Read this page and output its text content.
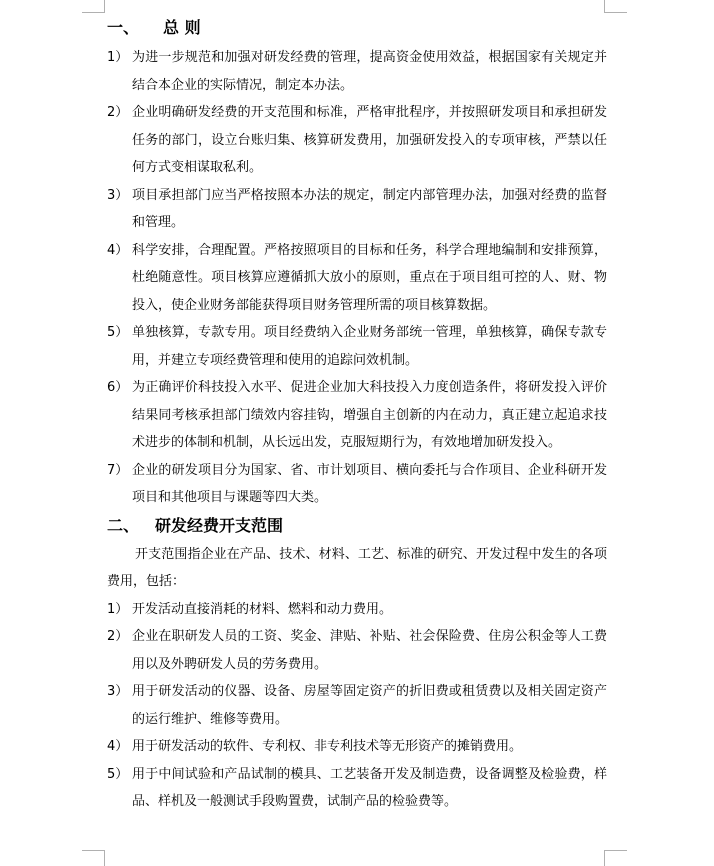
一、 总 则

1） 为进一步规范和加强对研发经费的管理，提高资金使用效益，根据国家有关规定并结合本企业的实际情况，制定本办法。

2） 企业明确研发经费的开支范围和标准，严格审批程序，并按照研发项目和承担研发任务的部门，设立台账归集、核算研发费用，加强研发投入的专项审核，严禁以任何方式变相谋取私利。

3） 项目承担部门应当严格按照本办法的规定，制定内部管理办法，加强对经费的监督和管理。

4） 科学安排，合理配置。严格按照项目的目标和任务，科学合理地编制和安排预算，杜绝随意性。项目核算应遵循抓大放小的原则，重点在于项目组可控的人、财、物投入，使企业财务部能获得项目财务管理所需的项目核算数据。

5） 单独核算，专款专用。项目经费纳入企业财务部统一管理，单独核算，确保专款专用，并建立专项经费管理和使用的追踪问效机制。

6） 为正确评价科技投入水平、促进企业加大科技投入力度创造条件，将研发投入评价结果同考核承担部门绩效内容挂钩，增强自主创新的内在动力，真正建立起追求技术进步的体制和机制，从长远出发，克服短期行为，有效地增加研发投入。

7） 企业的研发项目分为国家、省、市计划项目、横向委托与合作项目、企业科研开发项目和其他项目与课题等四大类。

二、 研发经费开支范围

开支范围指企业在产品、技术、材料、工艺、标准的研究、开发过程中发生的各项费用，包括：

1） 开发活动直接消耗的材料、燃料和动力费用。

2） 企业在职研发人员的工资、奖金、津贴、补贴、社会保险费、住房公积金等人工费用以及外聘研发人员的劳务费用。

3） 用于研发活动的仪器、设备、房屋等固定资产的折旧费或租赁费以及相关固定资产的运行维护、维修等费用。

4） 用于研发活动的软件、专利权、非专利技术等无形资产的摊销费用。

5） 用于中间试验和产品试制的模具、工艺装备开发及制造费，设备调整及检验费，样品、样机及一般测试手段购置费，试制产品的检验费等。
